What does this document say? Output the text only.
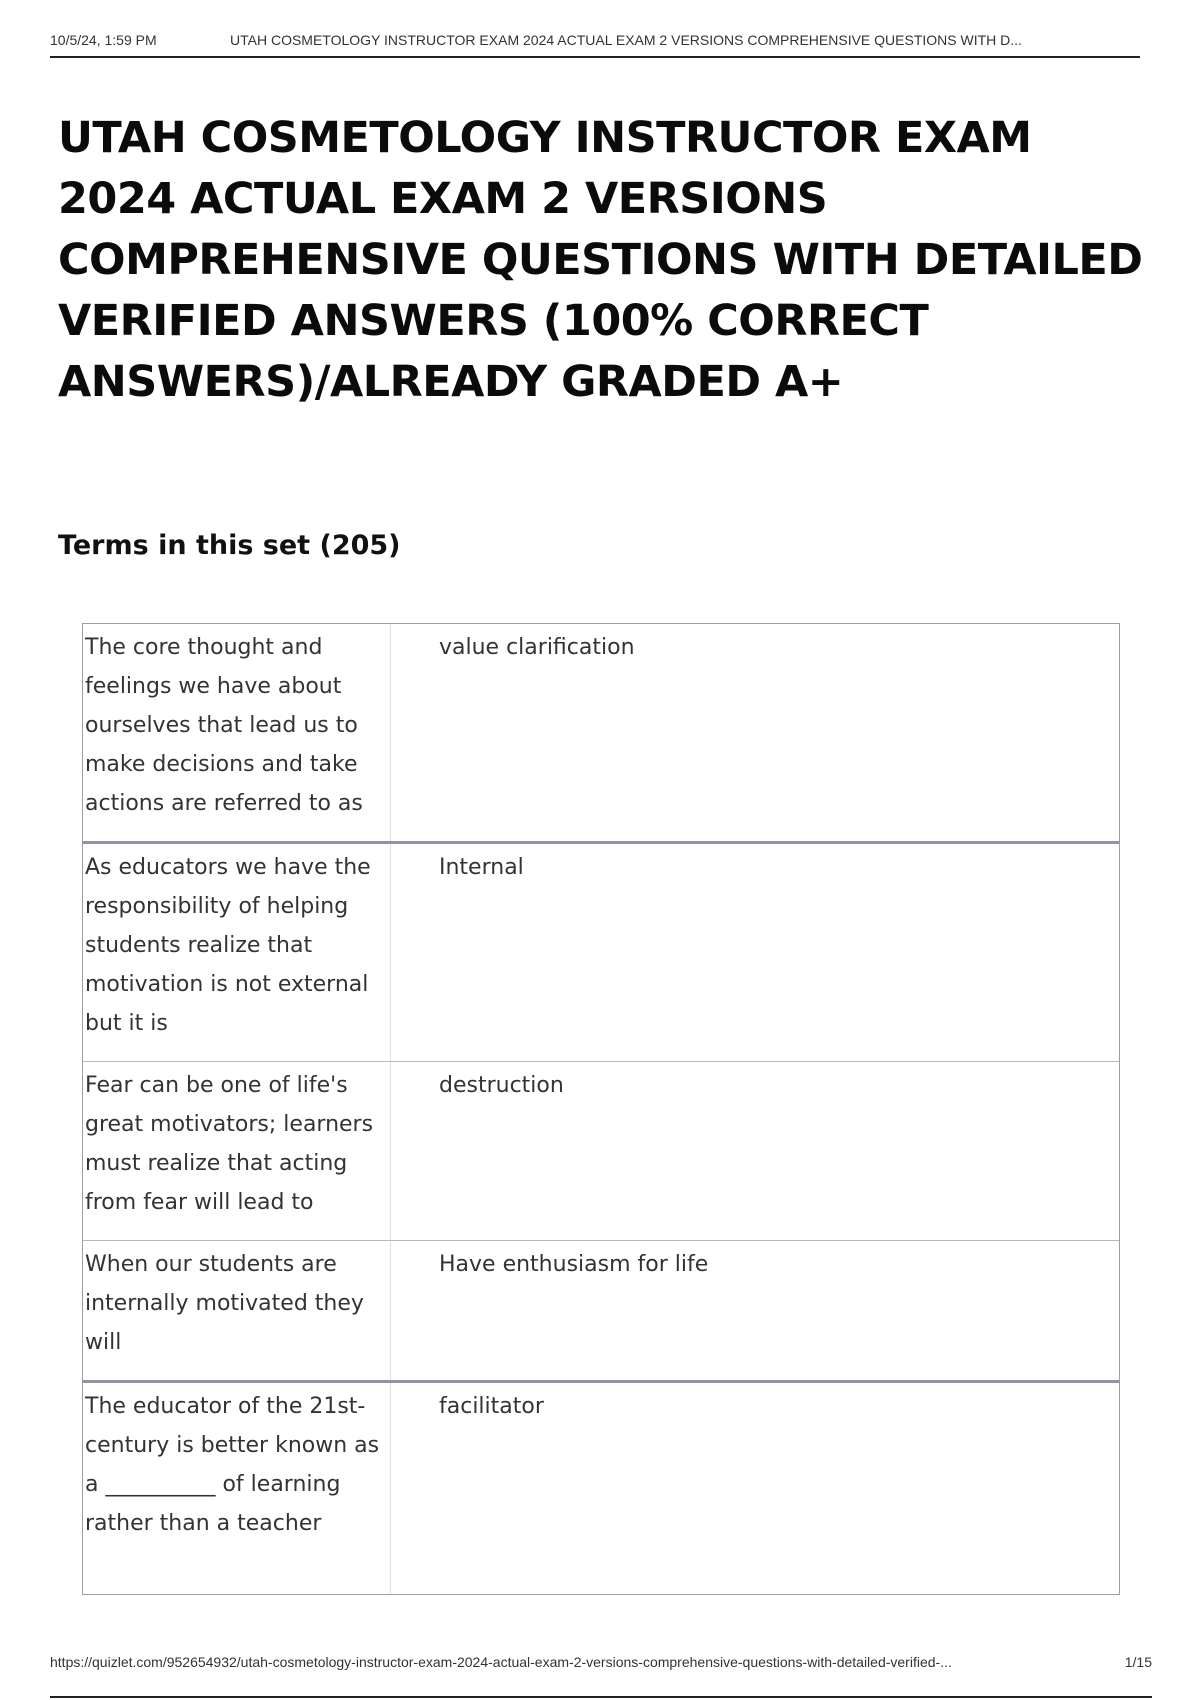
10/5/24, 1:59 PM	UTAH COSMETOLOGY INSTRUCTOR EXAM 2024 ACTUAL EXAM 2 VERSIONS COMPREHENSIVE QUESTIONS WITH D...
UTAH COSMETOLOGY INSTRUCTOR EXAM 2024 ACTUAL EXAM 2 VERSIONS COMPREHENSIVE QUESTIONS WITH DETAILED VERIFIED ANSWERS (100% CORRECT ANSWERS)/ALREADY GRADED A+
Terms in this set (205)
The core thought and feelings we have about ourselves that lead us to make decisions and take actions are referred to as
value clarification
As educators we have the responsibility of helping students realize that motivation is not external but it is
Internal
Fear can be one of life's great motivators; learners must realize that acting from fear will lead to
destruction
When our students are internally motivated they will
Have enthusiasm for life
The educator of the 21st-century is better known as a __________ of learning rather than a teacher
facilitator
https://quizlet.com/952654932/utah-cosmetology-instructor-exam-2024-actual-exam-2-versions-comprehensive-questions-with-detailed-verified-...	1/15
